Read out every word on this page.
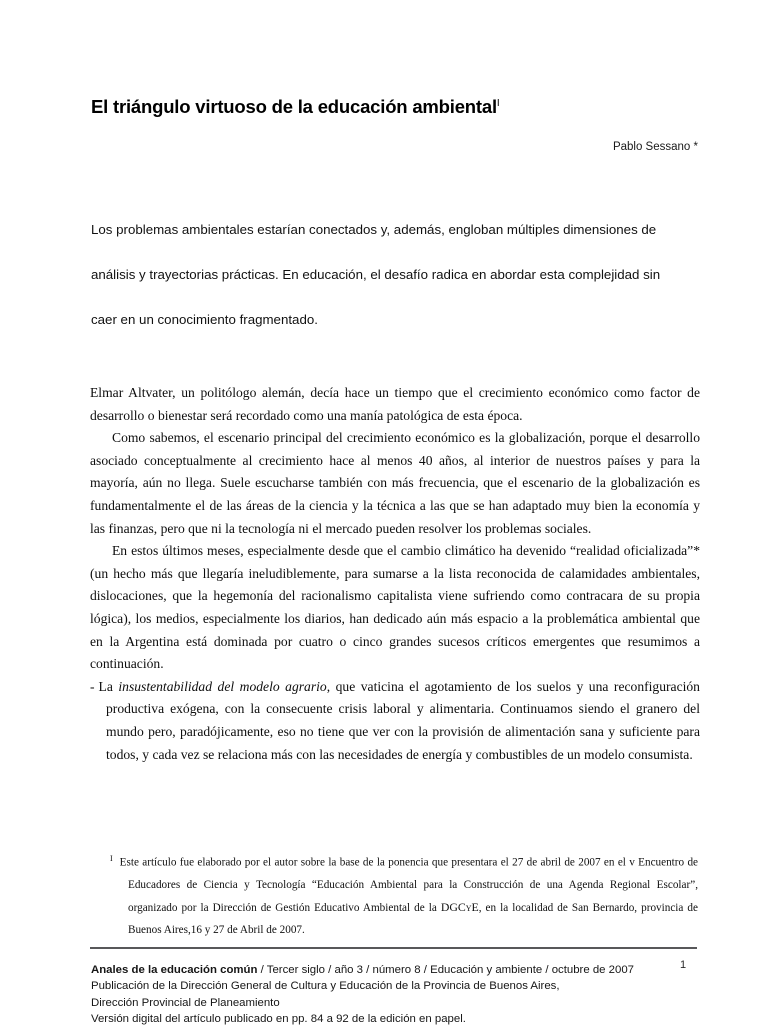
El triángulo virtuoso de la educación ambiental$^I$
Pablo Sessano *
Los problemas ambientales estarían conectados y, además, engloban múltiples dimensiones de análisis y trayectorias prácticas. En educación, el desafío radica en abordar esta complejidad sin caer en un conocimiento fragmentado.

Elmar Altvater, un politólogo alemán, decía hace un tiempo que el crecimiento económico como factor de desarrollo o bienestar será recordado como una manía patológica de esta época.

Como sabemos, el escenario principal del crecimiento económico es la globalización, porque el desarrollo asociado conceptualmente al crecimiento hace al menos 40 años, al interior de nuestros países y para la mayoría, aún no llega. Suele escucharse también con más frecuencia, que el escenario de la globalización es fundamentalmente el de las áreas de la ciencia y la técnica a las que se han adaptado muy bien la economía y las finanzas, pero que ni la tecnología ni el mercado pueden resolver los problemas sociales.

En estos últimos meses, especialmente desde que el cambio climático ha devenido “realidad oficializada”* (un hecho más que llegaría ineludiblemente, para sumarse a la lista reconocida de calamidades ambientales, dislocaciones, que la hegemonía del racionalismo capitalista viene sufriendo como contracara de su propia lógica), los medios, especialmente los diarios, han dedicado aún más espacio a la problemática ambiental que en la Argentina está dominada por cuatro o cinco grandes sucesos críticos emergentes que resumimos a continuación.

- La insustentabilidad del modelo agrario, que vaticina el agotamiento de los suelos y una reconfiguración productiva exógena, con la consecuente crisis laboral y alimentaria. Continuamos siendo el granero del mundo pero, paradójicamente, eso no tiene que ver con la provisión de alimentación sana y suficiente para todos, y cada vez se relaciona más con las necesidades de energía y combustibles de un modelo consumista.

$^I$ Este artículo fue elaborado por el autor sobre la base de la ponencia que presentara el 27 de abril de 2007 en el v Encuentro de Educadores de Ciencia y Tecnología “Educación Ambiental para la Construcción de una Agenda Regional Escolar”, organizado por la Dirección de Gestión Educativo Ambiental de la DGCyE, en la localidad de San Bernardo, provincia de Buenos Aires,16 y 27 de Abril de 2007.

Anales de la educación común / Tercer siglo / año 3 / número 8 / Educación y ambiente / octubre de 2007
Publicación de la Dirección General de Cultura y Educación de la Provincia de Buenos Aires,
Dirección Provincial de Planeamiento
Versión digital del artículo publicado en pp. 84 a 92 de la edición en papel.
1
